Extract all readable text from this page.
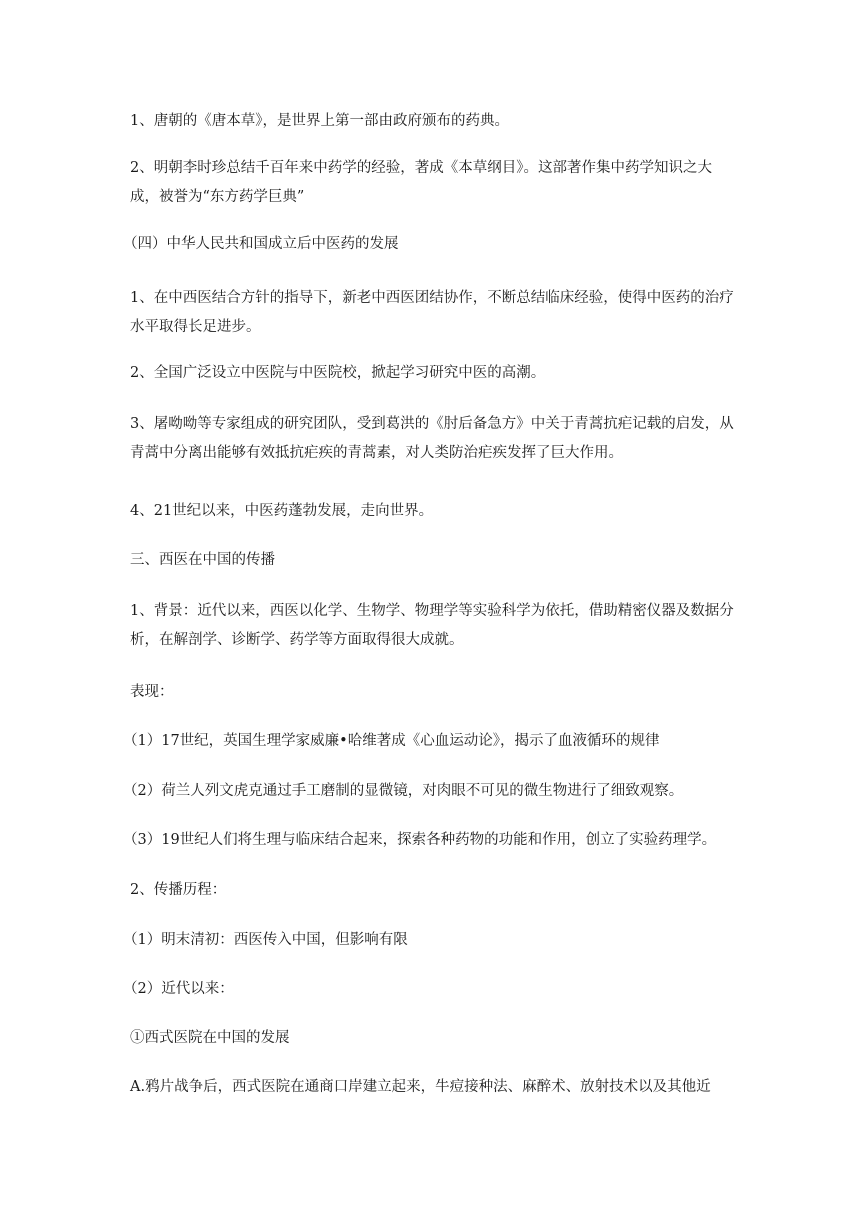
1、唐朝的《唐本草》，是世界上第一部由政府颁布的药典。

2、明朝李时珍总结千百年来中药学的经验，著成《本草纲目》。这部著作集中药学知识之大成，被誉为“东方药学巨典”

（四）中华人民共和国成立后中医药的发展

1、在中西医结合方针的指导下，新老中西医团结协作，不断总结临床经验，使得中医药的治疗水平取得长足进步。

2、全国广泛设立中医院与中医院校，掀起学习研究中医的高潮。

3、屠呦呦等专家组成的研究团队，受到葛洪的《肘后备急方》中关于青蒿抗疟记载的启发，从青蒿中分离出能够有效抵抗疟疾的青蒿素，对人类防治疟疾发挥了巨大作用。

4、21世纪以来，中医药蓬勃发展，走向世界。

三、西医在中国的传播

1、背景：近代以来，西医以化学、生物学、物理学等实验科学为依托，借助精密仪器及数据分析，在解剖学、诊断学、药学等方面取得很大成就。

表现：

（1）17世纪，英国生理学家威廉•哈维著成《心血运动论》，揭示了血液循环的规律

（2）荷兰人列文虎克通过手工磨制的显微镜，对肉眼不可见的微生物进行了细致观察。

（3）19世纪人们将生理与临床结合起来，探索各种药物的功能和作用，创立了实验药理学。

2、传播历程：

（1）明末清初：西医传入中国，但影响有限

（2）近代以来：

①西式医院在中国的发展

A.鸦片战争后，西式医院在通商口岸建立起来，牛痘接种法、麻醉术、放射技术以及其他近
